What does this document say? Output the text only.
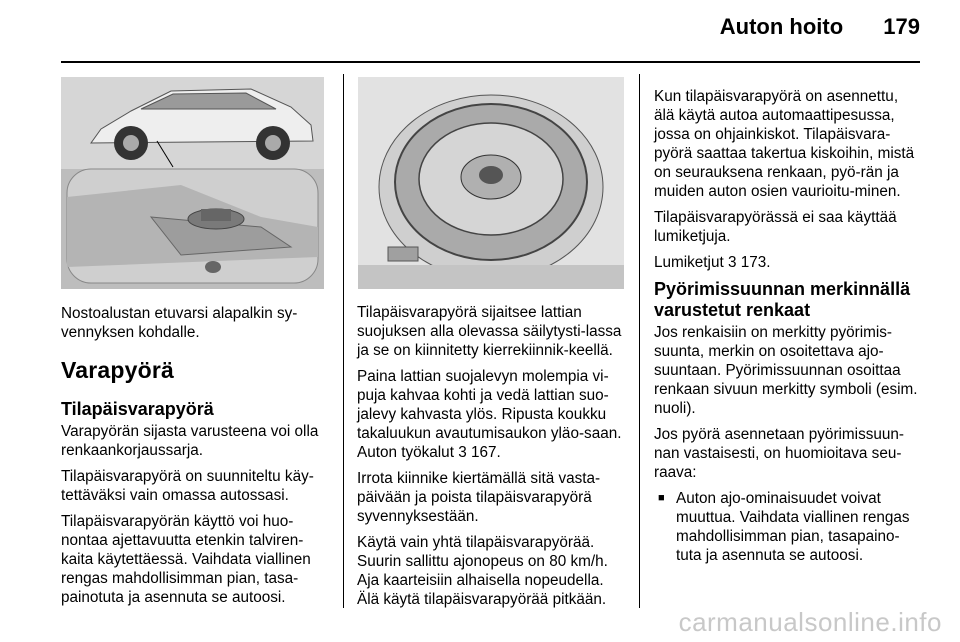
Auton hoito 179

Nostoalustan etuvarsi alapalkin sy-vennyksen kohdalle.

Varapyörä
Tilapäisvarapyörä

Varapyörän sijasta varusteena voi olla renkaankorjaussarja.

Tilapäisvarapyörä on suunniteltu käy-tettäväksi vain omassa autossasi.

Tilapäisvarapyörän käyttö voi huo-nontaa ajettavuutta etenkin talviren-kaita käytettäessä. Vaihdata viallinen rengas mahdollisimman pian, tasa-painotuta ja asennuta se autoosi.

Tilapäisvarapyörä sijaitsee lattian suojuksen alla olevassa säilytysti-lassa ja se on kiinnitetty kierrekiinnik-keellä.

Paina lattian suojalevyn molempia vi-puja kahvaa kohti ja vedä lattian suo-jalevy kahvasta ylös. Ripusta koukku takaluukun avautumisaukon yläo-saan. Auton työkalut 3 167.

Irrota kiinnike kiertämällä sitä vasta-päivään ja poista tilapäisvarapyörä syvennyksestään.

Käytä vain yhtä tilapäisvarapyörää. Suurin sallittu ajonopeus on 80 km/h. Aja kaarteisiin alhaisella nopeudella. Älä käytä tilapäisvarapyörää pitkään.

Kun tilapäisvarapyörä on asennettu, älä käytä autoa automaattipesussa, jossa on ohjainkiskot. Tilapäisvara-pyörä saattaa takertua kiskoihin, mistä on seurauksena renkaan, pyö-rän ja muiden auton osien vaurioitu-minen.

Tilapäisvarapyörässä ei saa käyttää lumiketjuja.

Lumiketjut 3 173.

Pyörimissuunnan merkinnällä varustetut renkaat

Jos renkaisiin on merkitty pyörimis-suunta, merkin on osoitettava ajo-suuntaan. Pyörimissuunnan osoittaa renkaan sivuun merkitty symboli (esim. nuoli).

Jos pyörä asennetaan pyörimissuun-nan vastaisesti, on huomioitava seu-raava:

■ Auton ajo-ominaisuudet voivat muuttua. Vaihdata viallinen rengas mahdollisimman pian, tasapaino-tuta ja asennuta se autoosi.
carmanualsonline.info
